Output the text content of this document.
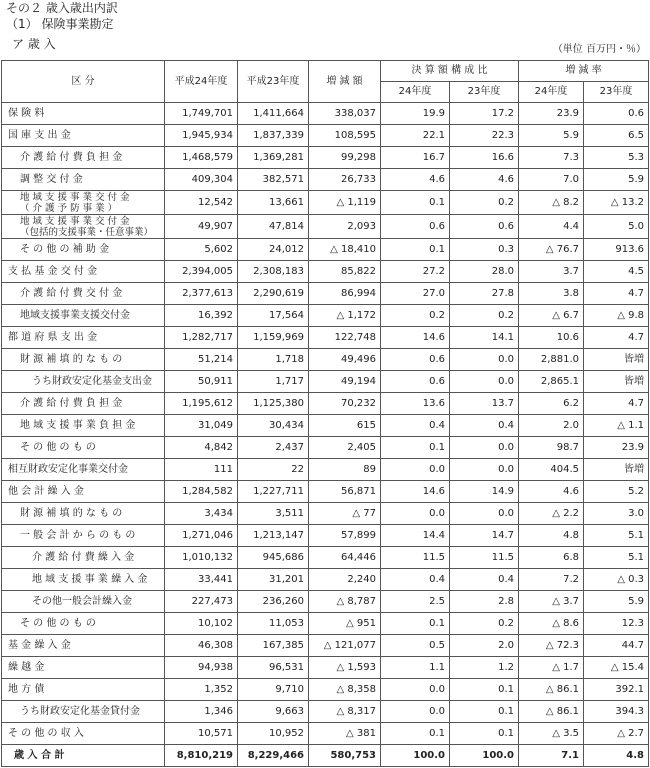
その２ 歳入歳出内訳
（1） 保険事業勘定
ア 歳 入	（単位 百万円・％）
区 分	平成24年度	平成23年度	増 減 額	決 算 額 構 成 比		増 減 率	
				24年度	23年度	24年度	23年度
保 険 料	1,749,701	1,411,664	338,037	19.9	17.2	23.9	0.6
国 庫 支 出 金	1,945,934	1,837,339	108,595	22.1	22.3	5.9	6.5
介 護 給 付 費 負 担 金	1,468,579	1,369,281	99,298	16.7	16.6	7.3	5.3
調 整 交 付 金	409,304	382,571	26,733	4.6	4.6	7.0	5.9

地 域 支 援 事 業 交 付 金
（ 介 護 予 防 事 業 ）	12,542	13,661	△ 1,119	0.1	0.2	△ 8.2	△ 13.2

地 域 支 援 事 業 交 付 金
（包括的支援事業・任意事業）	49,907	47,814	2,093	0.6	0.6	4.4	5.0
そ の 他 の 補 助 金	5,602	24,012	△ 18,410	0.1	0.3	△ 76.7	913.6
支 払 基 金 交 付 金	2,394,005	2,308,183	85,822	27.2	28.0	3.7	4.5
介 護 給 付 費 交 付 金	2,377,613	2,290,619	86,994	27.0	27.8	3.8	4.7
地域支援事業支援交付金	16,392	17,564	△ 1,172	0.2	0.2	△ 6.7	△ 9.8
都 道 府 県 支 出 金	1,282,717	1,159,969	122,748	14.6	14.1	10.6	4.7
財 源 補 填 的 な も の	51,214	1,718	49,496	0.6	0.0	2,881.0	皆増
うち財政安定化基金支出金	50,911	1,717	49,194	0.6	0.0	2,865.1	皆増
介 護 給 付 費 負 担 金	1,195,612	1,125,380	70,232	13.6	13.7	6.2	4.7
地 域 支 援 事 業 負 担 金	31,049	30,434	615	0.4	0.4	2.0	△ 1.1
そ の 他 の も の	4,842	2,437	2,405	0.1	0.0	98.7	23.9
相互財政安定化事業交付金	111	22	89	0.0	0.0	404.5	皆増
他 会 計 繰 入 金	1,284,582	1,227,711	56,871	14.6	14.9	4.6	5.2
財 源 補 填 的 な も の	3,434	3,511	△ 77	0.0	0.0	△ 2.2	3.0
一 般 会 計 か ら の も の	1,271,046	1,213,147	57,899	14.4	14.7	4.8	5.1
介 護 給 付 費 繰 入 金	1,010,132	945,686	64,446	11.5	11.5	6.8	5.1
地 域 支 援 事 業 繰 入 金	33,441	31,201	2,240	0.4	0.4	7.2	△ 0.3
その他一般会計繰入金	227,473	236,260	△ 8,787	2.5	2.8	△ 3.7	5.9
そ の 他 の も の	10,102	11,053	△ 951	0.1	0.2	△ 8.6	12.3
基 金 繰 入 金	46,308	167,385	△ 121,077	0.5	2.0	△ 72.3	44.7
繰 越 金	94,938	96,531	△ 1,593	1.1	1.2	△ 1.7	△ 15.4
地 方 債	1,352	9,710	△ 8,358	0.0	0.1	△ 86.1	392.1
うち財政安定化基金貸付金	1,346	9,663	△ 8,317	0.0	0.1	△ 86.1	394.3
そ の 他 の 収 入	10,571	10,952	△ 381	0.1	0.1	△ 3.5	△ 2.7
歳 入 合 計	8,810,219	8,229,466	580,753	100.0	100.0	7.1	4.8
